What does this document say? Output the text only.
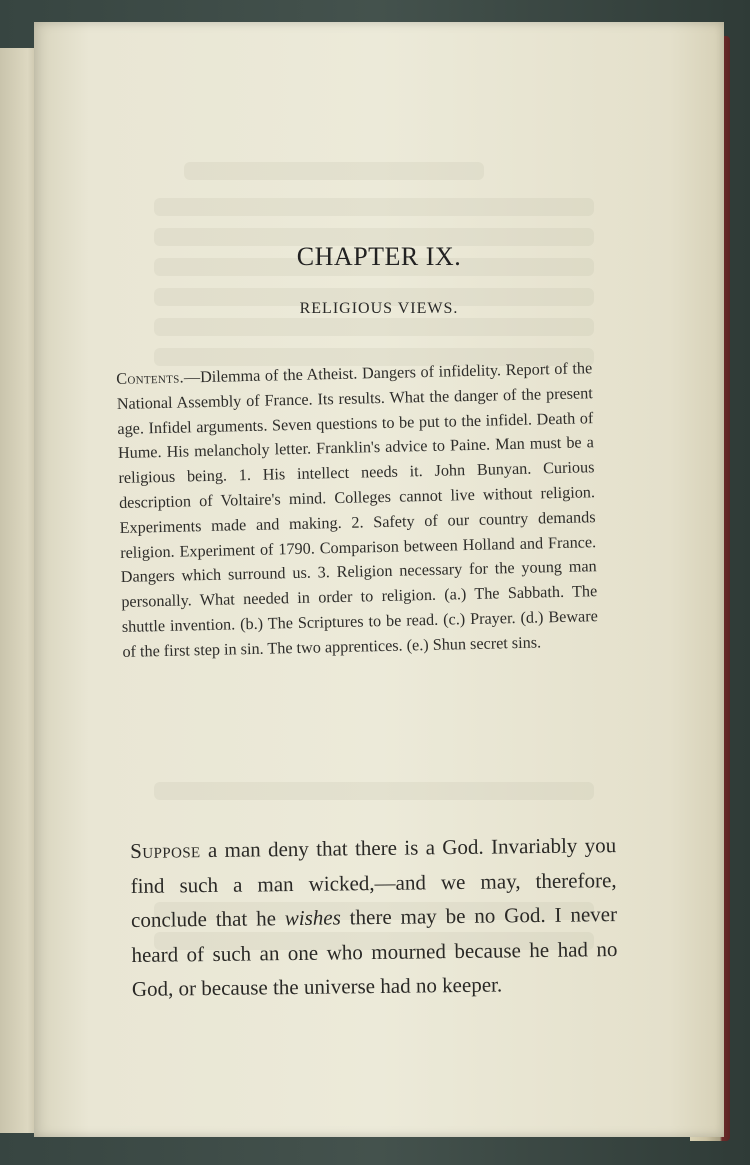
CHAPTER IX.
RELIGIOUS VIEWS.
Contents.—Dilemma of the Atheist. Dangers of infidelity. Report of the National Assembly of France. Its results. What the danger of the present age. Infidel arguments. Seven questions to be put to the infidel. Death of Hume. His melancholy letter. Franklin's advice to Paine. Man must be a religious being. 1. His intellect needs it. John Bunyan. Curious description of Voltaire's mind. Colleges cannot live without religion. Experiments made and making. 2. Safety of our country demands religion. Experiment of 1790. Comparison between Holland and France. Dangers which surround us. 3. Religion necessary for the young man personally. What needed in order to religion. (a.) The Sabbath. The shuttle invention. (b.) The Scriptures to be read. (c.) Prayer. (d.) Beware of the first step in sin. The two apprentices. (e.) Shun secret sins.
Suppose a man deny that there is a God. Invariably you find such a man wicked,—and we may, therefore, conclude that he wishes there may be no God. I never heard of such an one who mourned because he had no God, or because the universe had no keeper.
